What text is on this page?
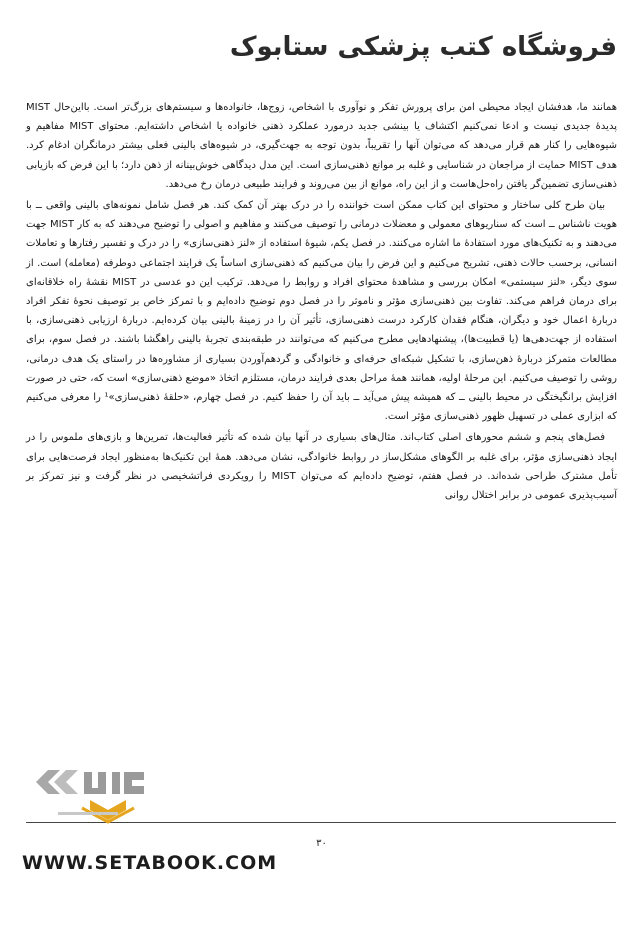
فروشگاه کتب پزشکی ستابوک

همانند ما، هدفشان ایجاد محیطی امن برای پرورش تفکر و نوآوری با اشخاص، زوج‌ها، خانواده‌ها و سیستم‌های بزرگ‌تر است. بااین‌حال MIST پدیدهٔ جدیدی نیست و ادعا نمی‌کنیم اکتشاف یا بینشی جدید درمورد عملکرد ذهنی خانواده یا اشخاص داشته‌ایم. محتوای MIST مفاهیم و شیوه‌هایی را کنار هم قرار می‌دهد که می‌توان آنها را تقریباً، بدون توجه به جهت‌گیری، در شیوه‌های بالینی فعلی بیشتر درمانگران ادغام کرد. هدف MIST حمایت از مراجعان در شناسایی و غلبه بر موانع ذهنی‌سازی است. این مدل دیدگاهی خوش‌بینانه از ذهن دارد؛ با این فرض که بازیابی ذهنی‌سازی تضمین‌گر یافتن راه‌حل‌هاست و از این راه، موانع از بین می‌روند و فرایند طبیعی درمان رخ می‌دهد.

بیان طرح کلی ساختار و محتوای این کتاب ممکن است خواننده را در درک بهتر آن کمک کند. هر فصل شامل نمونه‌های بالینی واقعی ــ با هویت ناشناس ــ است که سناریوهای معمولی و معضلات درمانی را توصیف می‌کنند و مفاهیم و اصولی را توضیح می‌دهند که به کار MIST جهت می‌دهند و به تکنیک‌های مورد استفادهٔ ما اشاره می‌کنند. در فصل یکم، شیوهٔ استفاده از «لنز ذهنی‌سازی» را در درک و تفسیر رفتارها و تعاملات انسانی، برحسب حالات ذهنی، تشریح می‌کنیم و این فرض را بیان می‌کنیم که ذهنی‌سازی اساساً یک فرایند اجتماعی دوطرفه (معامله) است. از سوی دیگر، «لنز سیستمی» امکان بررسی و مشاهدهٔ محتوای افراد و روابط را می‌دهد. ترکیب این دو عدسی در MIST نقشهٔ راه خلاقانه‌ای برای درمان فراهم می‌کند. تفاوت بین ذهنی‌سازی مؤثر و ناموثر را در فصل دوم توضیح داده‌ایم و با تمرکز خاص بر توصیف نحوهٔ تفکر افراد دربارهٔ اعمال خود و دیگران، هنگام فقدان کارکرد درست ذهنی‌سازی، تأثیر آن را در زمینهٔ بالینی بیان کرده‌ایم. دربارهٔ ارزیابی ذهنی‌سازی، با استفاده از جهت‌دهی‌ها (یا قطبیت‌ها)، پیشنهادهایی مطرح می‌کنیم که می‌توانند در طبقه‌بندی تجربهٔ بالینی راهگشا باشند. در فصل سوم، برای مطالعات متمرکز دربارهٔ ذهن‌سازی، با تشکیل شبکه‌ای حرفه‌ای و خانوادگی و گردهم‌آوردن بسیاری از مشاوره‌ها در راستای یک هدف درمانی، روشی را توصیف می‌کنیم. این مرحلهٔ اولیه، همانند همهٔ مراحل بعدی فرایند درمان، مستلزم اتخاذ «موضع ذهنی‌سازی» است که، حتی در صورت افزایش برانگیختگی در محیط بالینی ــ که همیشه پیش می‌آید ــ باید آن را حفظ کنیم. در فصل چهارم، «حلقهٔ ذهنی‌سازی»¹ را معرفی می‌کنیم که ابزاری عملی در تسهیل ظهور ذهنی‌سازی مؤثر است.

فصل‌های پنجم و ششم محورهای اصلی کتاب‌اند. مثال‌های بسیاری در آنها بیان شده که تأثیر فعالیت‌ها، تمرین‌ها و بازی‌های ملموس را در ایجاد ذهنی‌سازی مؤثر، برای غلبه بر الگوهای مشکل‌ساز در روابط خانوادگی، نشان می‌دهد. همهٔ این تکنیک‌ها به‌منظور ایجاد فرصت‌هایی برای تأمل مشترک طراحی شده‌اند. در فصل هفتم، توضیح داده‌ایم که می‌توان MIST را رویکردی فراتشخیصی در نظر گرفت و نیز تمرکز بر آسیب‌پذیری عمومی در برابر اختلال روانی

۳۰
WWW.SETABOOK.COM
